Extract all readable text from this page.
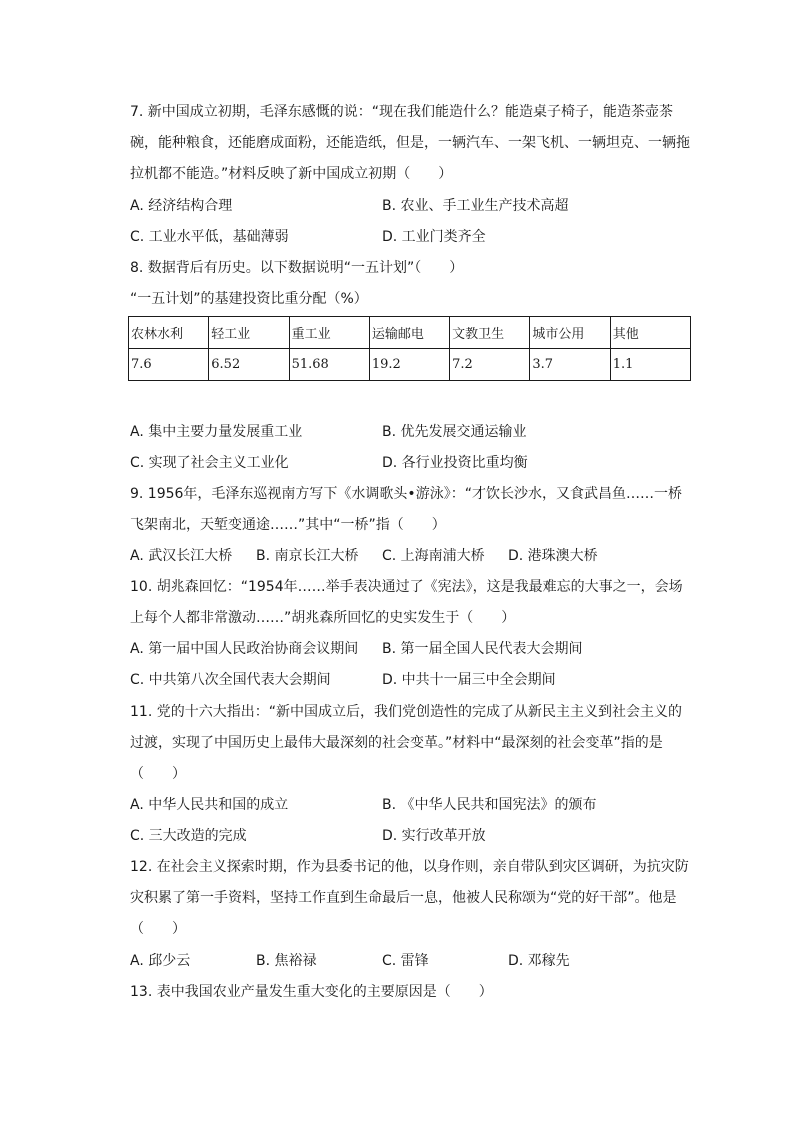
7. 新中国成立初期，毛泽东感慨的说：“现在我们能造什么？能造桌子椅子，能造茶壶茶
碗，能种粮食，还能磨成面粉，还能造纸，但是，一辆汽车、一架飞机、一辆坦克、一辆拖
拉机都不能造。”材料反映了新中国成立初期（　　）
A. 经济结构合理	B. 农业、手工业生产技术高超
C. 工业水平低，基础薄弱	D. 工业门类齐全
8. 数据背后有历史。以下数据说明“一五计划”（　　）
“一五计划”的基建投资比重分配（%）
农林水利	轻工业	重工业	运输邮电	文教卫生	城市公用	其他
7.6	6.52	51.68	19.2	7.2	3.7	1.1
A. 集中主要力量发展重工业	B. 优先发展交通运输业
C. 实现了社会主义工业化	D. 各行业投资比重均衡
9. 1956年，毛泽东巡视南方写下《水调歌头•游泳》：“才饮长沙水，又食武昌鱼……一桥
飞架南北，天堑变通途……”其中“一桥”指（　　）
A. 武汉长江大桥 B. 南京长江大桥 C. 上海南浦大桥 D. 港珠澳大桥
10. 胡兆森回忆：“1954年……举手表决通过了《宪法》，这是我最难忘的大事之一，会场
上每个人都非常激动……”胡兆森所回忆的史实发生于（　　）
A. 第一届中国人民政治协商会议期间 B. 第一届全国人民代表大会期间
C. 中共第八次全国代表大会期间	D. 中共十一届三中全会期间
11. 党的十六大指出：“新中国成立后，我们党创造性的完成了从新民主主义到社会主义的
过渡，实现了中国历史上最伟大最深刻的社会变革。”材料中“最深刻的社会变革”指的是
（　　）
A. 中华人民共和国的成立	B. 《中华人民共和国宪法》的颁布
C. 三大改造的完成	D. 实行改革开放
12. 在社会主义探索时期，作为县委书记的他，以身作则，亲自带队到灾区调研，为抗灾防
灾积累了第一手资料，坚持工作直到生命最后一息，他被人民称颂为“党的好干部”。他是
（　　）
A. 邱少云	B. 焦裕禄	C. 雷锋	D. 邓稼先
13. 表中我国农业产量发生重大变化的主要原因是（　　）
